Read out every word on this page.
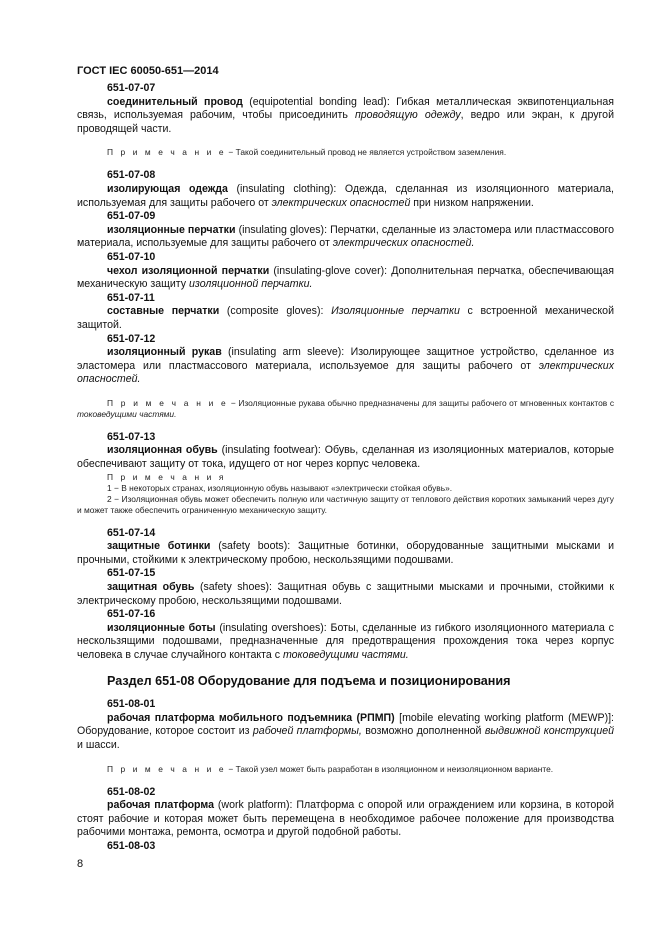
ГОСТ IEC 60050-651—2014

651-07-07

соединительный провод (equipotential bonding lead): Гибкая металлическая эквипотенциальная связь, используемая рабочим, чтобы присоединить проводящую одежду, ведро или экран, к другой проводящей части.

П р и м е ч а н и е − Такой соединительный провод не является устройством заземления.

651-07-08

изолирующая одежда (insulating clothing): Одежда, сделанная из изоляционного материала, используемая для защиты рабочего от электрических опасностей при низком напряжении.

651-07-09

изоляционные перчатки (insulating gloves): Перчатки, сделанные из эластомера или пластмассового материала, используемые для защиты рабочего от электрических опасностей.

651-07-10

чехол изоляционной перчатки (insulating-glove cover): Дополнительная перчатка, обеспечивающая механическую защиту изоляционной перчатки.

651-07-11

составные перчатки (composite gloves): Изоляционные перчатки с встроенной механической защитой.

651-07-12

изоляционный рукав (insulating arm sleeve): Изолирующее защитное устройство, сделанное из эластомера или пластмассового материала, используемое для защиты рабочего от электрических опасностей.

П р и м е ч а н и е − Изоляционные рукава обычно предназначены для защиты рабочего от мгновенных контактов с токоведущими частями.

651-07-13

изоляционная обувь (insulating footwear): Обувь, сделанная из изоляционных материалов, которые обеспечивают защиту от тока, идущего от ног через корпус человека.

П р и м е ч а н и я

1 − В некоторых странах, изоляционную обувь называют «электрически стойкая обувь».

2 − Изоляционная обувь может обеспечить полную или частичную защиту от теплового действия коротких замыканий через дугу и может также обеспечить ограниченную механическую защиту.

651-07-14

защитные ботинки (safety boots): Защитные ботинки, оборудованные защитными мысками и прочными, стойкими к электрическому пробою, нескользящими подошвами.

651-07-15

защитная обувь (safety shoes): Защитная обувь с защитными мысками и прочными, стойкими к электрическому пробою, нескользящими подошвами.

651-07-16

изоляционные боты (insulating overshoes): Боты, сделанные из гибкого изоляционного материала с нескользящими подошвами, предназначенные для предотвращения прохождения тока через корпус человека в случае случайного контакта с токоведущими частями.

Раздел 651-08 Оборудование для подъема и позиционирования

651-08-01

рабочая платформа мобильного подъемника (РПМП) [mobile elevating working platform (MEWP)]: Оборудование, которое состоит из рабочей платформы, возможно дополненной выдвижной конструкцией и шасси.

П р и м е ч а н и е − Такой узел может быть разработан в изоляционном и неизоляционном варианте.

651-08-02

рабочая платформа (work platform): Платформа с опорой или ограждением или корзина, в которой стоят рабочие и которая может быть перемещена в необходимое рабочее положение для производства рабочими монтажа, ремонта, осмотра и другой подобной работы.

651-08-03

8
